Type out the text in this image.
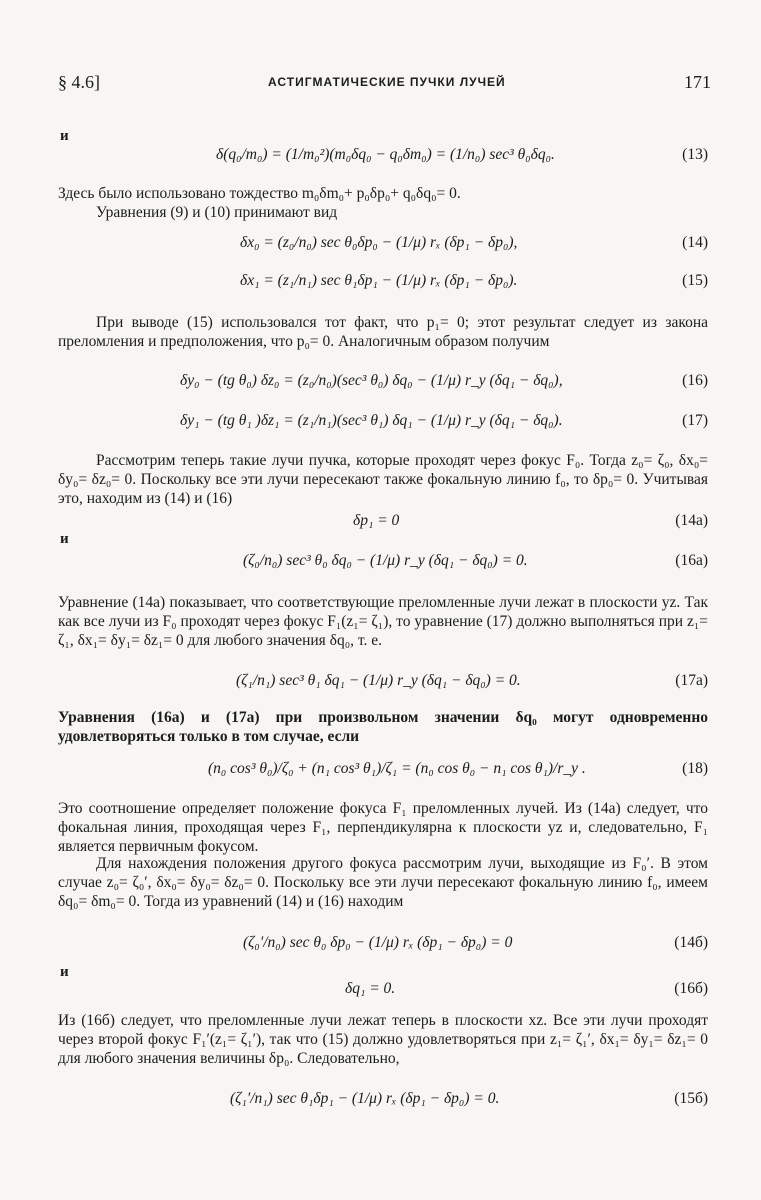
§ 4.6]	АСТИГМАТИЧЕСКИЕ ПУЧКИ ЛУЧЕЙ	171
и
δ(q₀/m₀) = (1/m₀²)(m₀δq₀ − q₀δm₀) = (1/n₀) sec³ θ₀δq₀.	(13)

Здесь было использовано тождество m₀δm₀+ p₀δp₀+ q₀δq₀= 0.

Уравнения (9) и (10) принимают вид

δx₀ = (z₀/n₀) sec θ₀δp₀ − (1/μ) rₓ (δp₁ − δp₀),	(14)
δx₁ = (z₁/n₁) sec θ₁δp₁ − (1/μ) rₓ (δp₁ − δp₀).	(15)

При выводе (15) использовался тот факт, что p₁= 0; этот результат следует из закона преломления и предположения, что p₀= 0. Аналогичным образом получим

δy₀ − (tg θ₀) δz₀ = (z₀/n₀)(sec³ θ₀) δq₀ − (1/μ) r_y (δq₁ − δq₀),	(16)
δy₁ − (tg θ₁ )δz₁ = (z₁/n₁)(sec³ θ₁) δq₁ − (1/μ) r_y (δq₁ − δq₀).	(17)

Рассмотрим теперь такие лучи пучка, которые проходят через фокус F₀. Тогда z₀= ζ₀, δx₀= δy₀= δz₀= 0. Поскольку все эти лучи пересекают также фокальную линию f₀, то δp₀= 0. Учитывая это, находим из (14) и (16)

δp₁ = 0	(14a)
и
(ζ₀/n₀) sec³ θ₀ δq₀ − (1/μ) r_y (δq₁ − δq₀) = 0.	(16a)

Уравнение (14a) показывает, что соответствующие преломленные лучи лежат в плоскости yz. Так как все лучи из F₀ проходят через фокус F₁(z₁= ζ₁), то уравнение (17) должно выполняться при z₁= ζ₁, δx₁= δy₁= δz₁= 0 для любого значения δq₀, т. е.

(ζ₁/n₁) sec³ θ₁ δq₁ − (1/μ) r_y (δq₁ − δq₀) = 0.	(17a)

Уравнения (16a) и (17a) при произвольном значении δq₀ могут одновременно удовлетворяться только в том случае, если

(n₀ cos³ θ₀)/ζ₀ + (n₁ cos³ θ₁)/ζ₁ = (n₀ cos θ₀ − n₁ cos θ₁)/r_y .	(18)

Это соотношение определяет положение фокуса F₁ преломленных лучей. Из (14a) следует, что фокальная линия, проходящая через F₁, перпендикулярна к плоскости yz и, следовательно, F₁ является первичным фокусом.

Для нахождения положения другого фокуса рассмотрим лучи, выходящие из F₀′. В этом случае z₀= ζ₀′, δx₀= δy₀= δz₀= 0. Поскольку все эти лучи пересекают фокальную линию f₀, имеем δq₀= δm₀= 0. Тогда из уравнений (14) и (16) находим

(ζ₀′/n₀) sec θ₀ δp₀ − (1/μ) rₓ (δp₁ − δp₀) = 0	(14б)
и
δq₁ = 0.	(16б)

Из (16б) следует, что преломленные лучи лежат теперь в плоскости xz. Все эти лучи проходят через второй фокус F₁′(z₁= ζ₁′), так что (15) должно удовлетворяться при z₁= ζ₁′, δx₁= δy₁= δz₁= 0 для любого значения величины δp₀. Следовательно,

(ζ₁′/n₁) sec θ₁δp₁ − (1/μ) rₓ (δp₁ − δp₀) = 0.	(15б)
